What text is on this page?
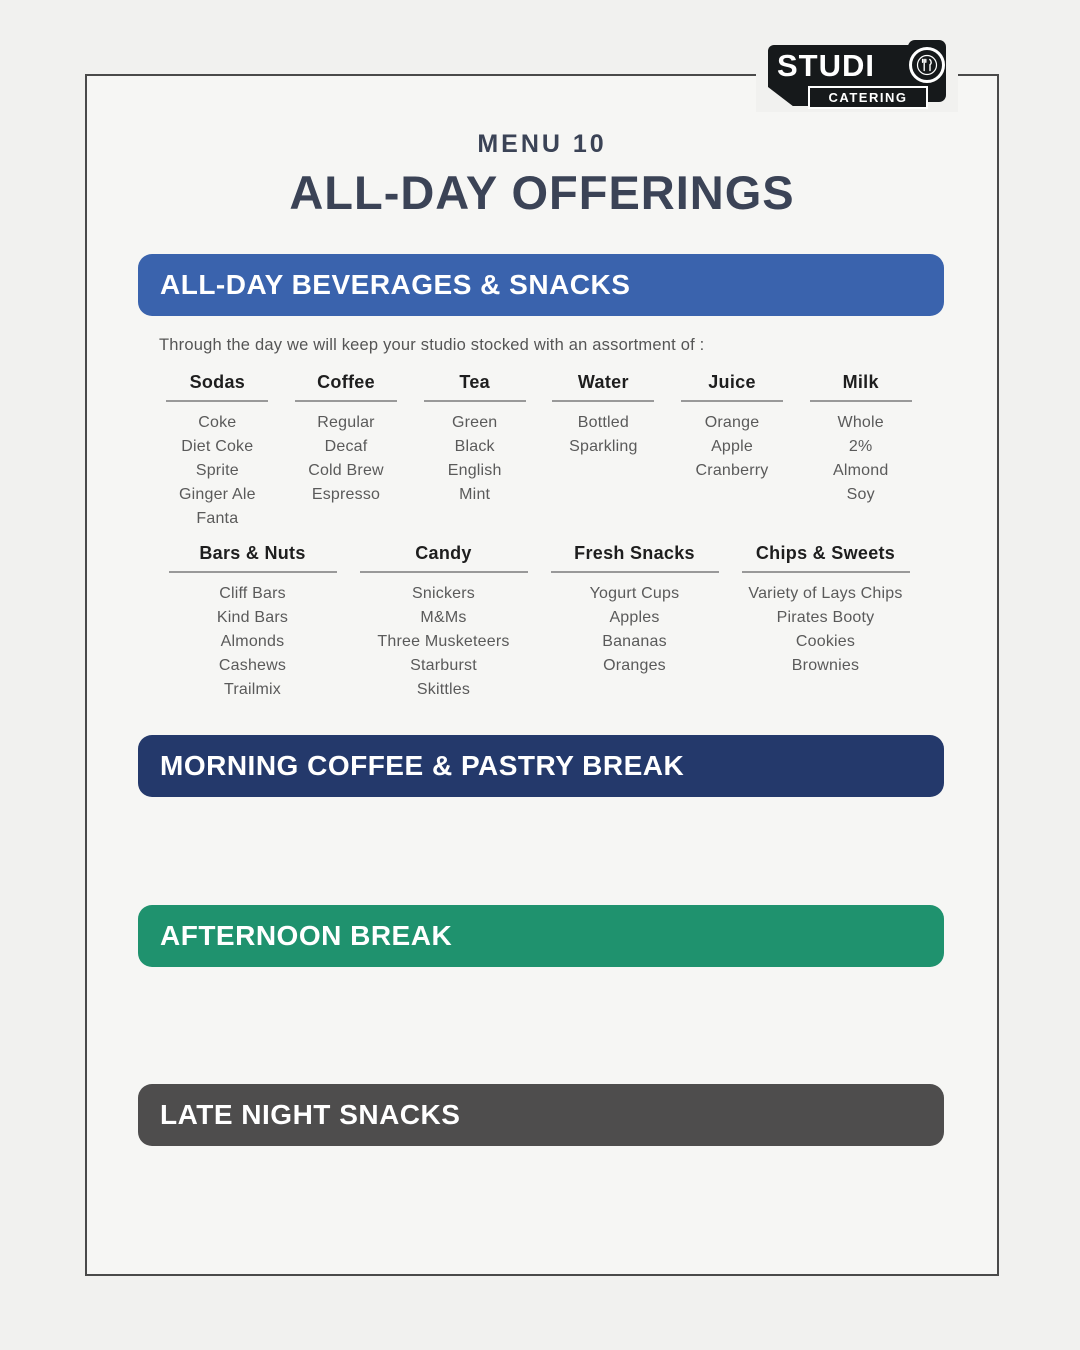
STUDI
CATERING
MENU 10
ALL-DAY OFFERINGS
ALL-DAY BEVERAGES & SNACKS
Through the day we will keep your studio stocked with an assortment of :
Sodas
Coke
Diet Coke
Sprite
Ginger Ale
Fanta
Coffee
Regular
Decaf
Cold Brew
Espresso
Tea
Green
Black
English
Mint
Water
Bottled
Sparkling
Juice
Orange
Apple
Cranberry
Milk
Whole
2%
Almond
Soy
Bars & Nuts
Cliff Bars
Kind Bars
Almonds
Cashews
Trailmix
Candy
Snickers
M&Ms
Three Musketeers
Starburst
Skittles
Fresh Snacks
Yogurt Cups
Apples
Bananas
Oranges
Chips & Sweets
Variety of Lays Chips
Pirates Booty
Cookies
Brownies
MORNING COFFEE & PASTRY BREAK
AFTERNOON BREAK
LATE NIGHT SNACKS
